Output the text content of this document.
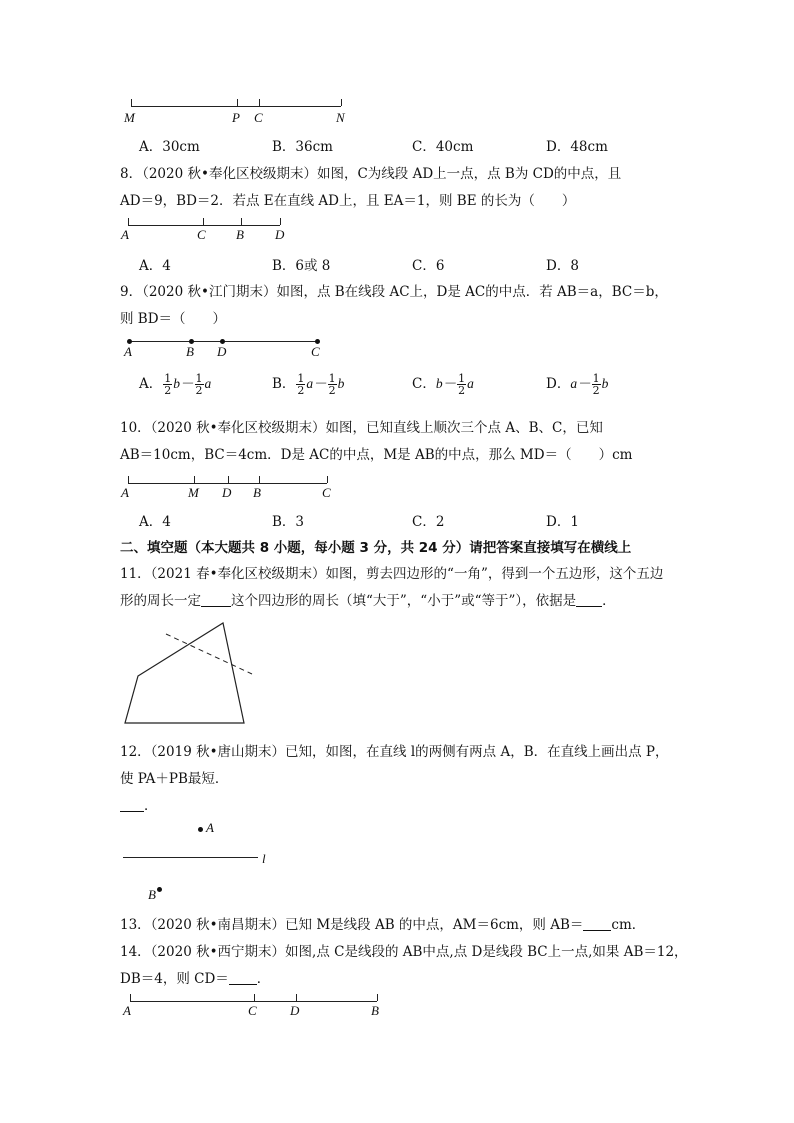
M	P C	N
A．30cm	B．36cm	C．40cm	D．48cm
8．（2020 秋•奉化区校级期末）如图，C为线段 AD上一点，点 B为 CD的中点，且
AD＝9，BD＝2．若点 E在直线 AD上，且 EA＝1，则 BE 的长为（　　）
A	C B D
A．4	B．6或 8	C．6	D．8
9．（2020 秋•江门期末）如图，点 B在线段 AC上，D是 AC的中点．若 AB＝a，BC＝b，
则 BD＝（　　）
A	B D	C
A． $\frac{1}{2} b- \frac{1}{2}$ a	B． $\frac{1}{2} a- \frac{1}{2}$ b	C．$b- \frac{1}{2}$ a	D．$a- \frac{1}{2}$ b
10．（2020 秋•奉化区校级期末）如图，已知直线上顺次三个点 A、B、C，已知
AB＝10cm，BC＝4cm．D是 AC的中点，M是 AB的中点，那么 MD＝（　　）cm
A	M D B	C
A．4	B．3	C．2	D．1
二、填空题（本大题共 8 小题，每小题 3 分，共 24 分）请把答案直接填写在横线上
11．（2021 春•奉化区校级期末）如图，剪去四边形的“一角”，得到一个五边形，这个五边
形的周长一定 这个四边形的周长（填“大于”，“小于”或“等于”），依据是 ．
12．（2019 秋•唐山期末）已知，如图，在直线 l的两侧有两点 A，B．在直线上画出点 P，
使 PA＋PB最短．
．
A
l
B
13．（2020 秋•南昌期末）已知 M是线段 AB 的中点，AM＝6cm，则 AB＝ cm．
14．（2020 秋•西宁期末）如图,点 C是线段的 AB中点,点 D是线段 BC上一点,如果 AB＝12，
DB＝4，则 CD＝ ．
A	C	D	B
